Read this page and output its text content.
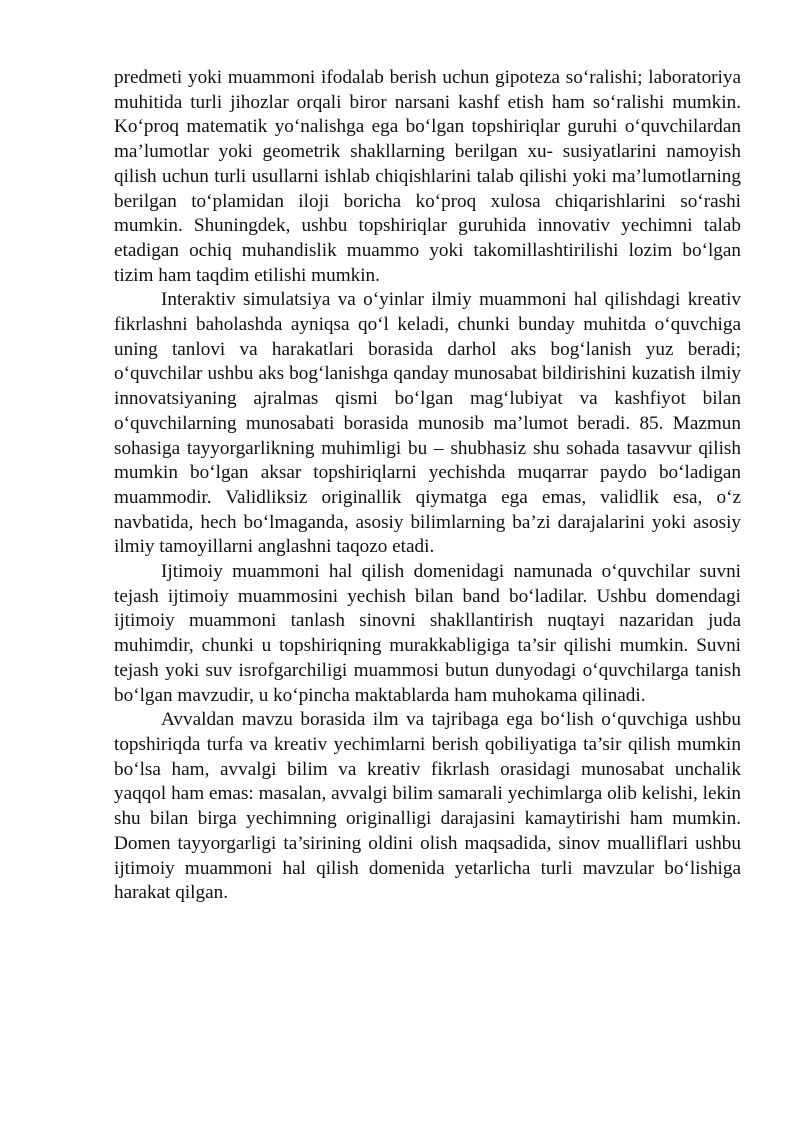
predmeti yoki muammoni ifodalab berish uchun gipoteza so‘ralishi; laboratoriya muhitida turli jihozlar orqali biror narsani kashf etish ham so‘ralishi mumkin. Ko‘proq matematik yo‘nalishga ega bo‘lgan topshiriqlar guruhi o‘quvchilardan ma’lumotlar yoki geometrik shakllarning berilgan xu- susiyatlarini namoyish qilish uchun turli usullarni ishlab chiqishlarini talab qilishi yoki ma’lumotlarning berilgan to‘plamidan iloji boricha ko‘proq xulosa chiqarishlarini so‘rashi mumkin. Shuningdek, ushbu topshiriqlar guruhida innovativ yechimni talab etadigan ochiq muhandislik muammo yoki takomillashtirilishi lozim bo‘lgan tizim ham taqdim etilishi mumkin.

Interaktiv simulatsiya va o‘yinlar ilmiy muammoni hal qilishdagi kreativ fikrlashni baholashda ayniqsa qo‘l keladi, chunki bunday muhitda o‘quvchiga uning tanlovi va harakatlari borasida darhol aks bog‘lanish yuz beradi; o‘quvchilar ushbu aks bog‘lanishga qanday munosabat bildirishini kuzatish ilmiy innovatsiyaning ajralmas qismi bo‘lgan mag‘lubiyat va kashfiyot bilan o‘quvchilarning munosabati borasida munosib ma’lumot beradi. 85. Mazmun sohasiga tayyorgarlikning muhimligi bu – shubhasiz shu sohada tasavvur qilish mumkin bo‘lgan aksar topshiriqlarni yechishda muqarrar paydo bo‘ladigan muammodir. Validliksiz originallik qiymatga ega emas, validlik esa, o‘z navbatida, hech bo‘lmaganda, asosiy bilimlarning ba’zi darajalarini yoki asosiy ilmiy tamoyillarni anglashni taqozo etadi.

Ijtimoiy muammoni hal qilish domenidagi namunada o‘quvchilar suvni tejash ijtimoiy muammosini yechish bilan band bo‘ladilar. Ushbu domendagi ijtimoiy muammoni tanlash sinovni shakllantirish nuqtayi nazaridan juda muhimdir, chunki u topshiriqning murakkabligiga ta’sir qilishi mumkin. Suvni tejash yoki suv isrofgarchiligi muammosi butun dunyodagi o‘quvchilarga tanish bo‘lgan mavzudir, u ko‘pincha maktablarda ham muhokama qilinadi.

Avvaldan mavzu borasida ilm va tajribaga ega bo‘lish o‘quvchiga ushbu topshiriqda turfa va kreativ yechimlarni berish qobiliyatiga ta’sir qilish mumkin bo‘lsa ham, avvalgi bilim va kreativ fikrlash orasidagi munosabat unchalik yaqqol ham emas: masalan, avvalgi bilim samarali yechimlarga olib kelishi, lekin shu bilan birga yechimning originalligi darajasini kamaytirishi ham mumkin. Domen tayyorgarligi ta’sirining oldini olish maqsadida, sinov mualliflari ushbu ijtimoiy muammoni hal qilish domenida yetarlicha turli mavzular bo‘lishiga harakat qilgan.
